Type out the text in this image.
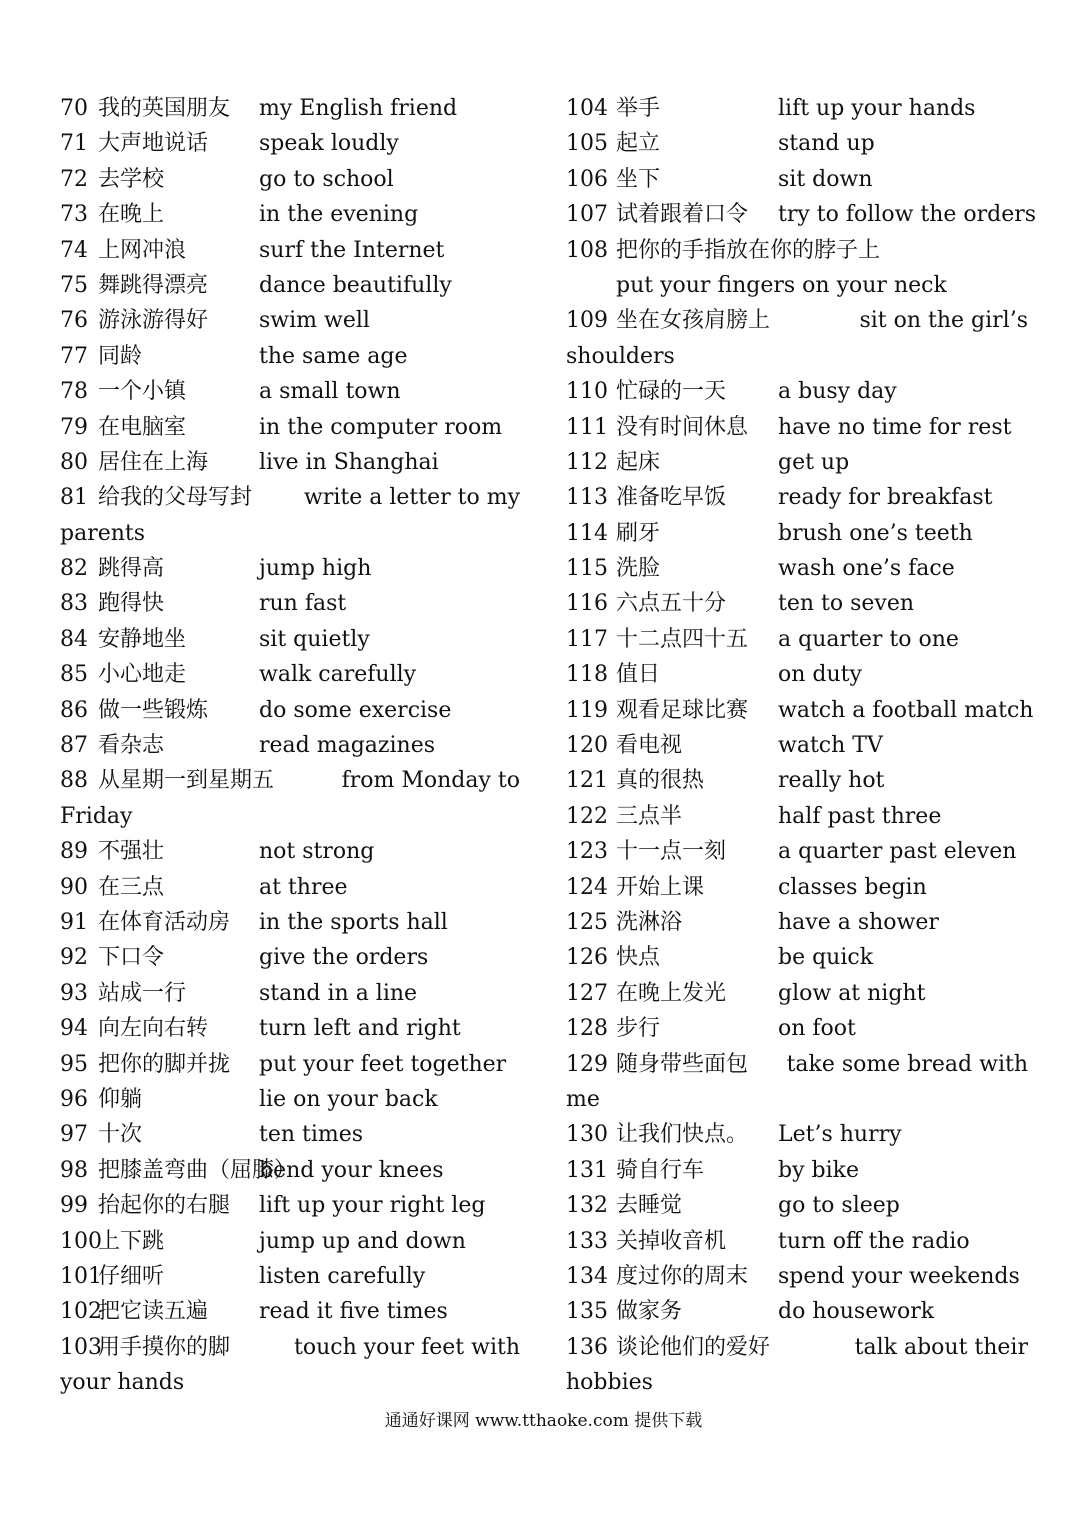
70 我的英国朋友 my English friend
71 大声地说话 speak loudly
72 去学校	go to school
73 在晚上	in the evening
74 上网冲浪	surf the Internet
75 舞跳得漂亮 dance beautifully
76 游泳游得好 swim well
77 同龄	the same age
78 一个小镇	a small town
79 在电脑室	in the computer room
80 居住在上海 live in Shanghai
81 给我的父母写封 write a letter to my
parents
82 跳得高	jump high
83 跑得快	run fast
84 安静地坐	sit quietly
85 小心地走	walk carefully
86 做一些锻炼 do some exercise
87 看杂志	read magazines
88 从星期一到星期五	from Monday to
Friday
89 不强壮	not strong
90 在三点	at three
91 在体育活动房 in the sports hall
92 下口令	give the orders
93 站成一行	stand in a line
94 向左向右转 turn left and right
95 把你的脚并拢 put your feet together
96 仰躺	lie on your back
97 十次	ten times
98 把膝盖弯曲（屈膝）
bend your knees
99 抬起你的右腿 lift up your right leg
100上下跳	jump up and down
101仔细听	listen carefully
102把它读五遍 read it five times
103用手摸你的脚	touch your feet with
your hands
104 举手	lift up your hands
105 起立	stand up
106 坐下	sit down
107 试着跟着口令 try to follow the orders
108 把你的手指放在你的脖子上
put your fingers on your neck
109 坐在女孩肩膀上	sit on the girl’s
shoulders
110 忙碌的一天 a busy day
111 没有时间休息 have no time for rest
112 起床	get up
113 准备吃早饭 ready for breakfast
114 刷牙	brush one’s teeth
115 洗脸	wash one’s face
116 六点五十分 ten to seven
117 十二点四十五 a quarter to one
118 值日	on duty
119 观看足球比赛 watch a football match
120 看电视	watch TV
121 真的很热	really hot
122 三点半	half past three
123 十一点一刻 a quarter past eleven
124 开始上课	classes begin
125 洗淋浴	have a shower
126 快点	be quick
127 在晚上发光 glow at night
128 步行	on foot
129 随身带些面包 take some bread with
me
130 让我们快点。 Let’s hurry
131 骑自行车	by bike
132 去睡觉	go to sleep
133 关掉收音机 turn off the radio
134 度过你的周末 spend your weekends
135 做家务	do housework
136 谈论他们的爱好	talk about their
hobbies
通通好课网 www.tthaoke.com 提供下载
